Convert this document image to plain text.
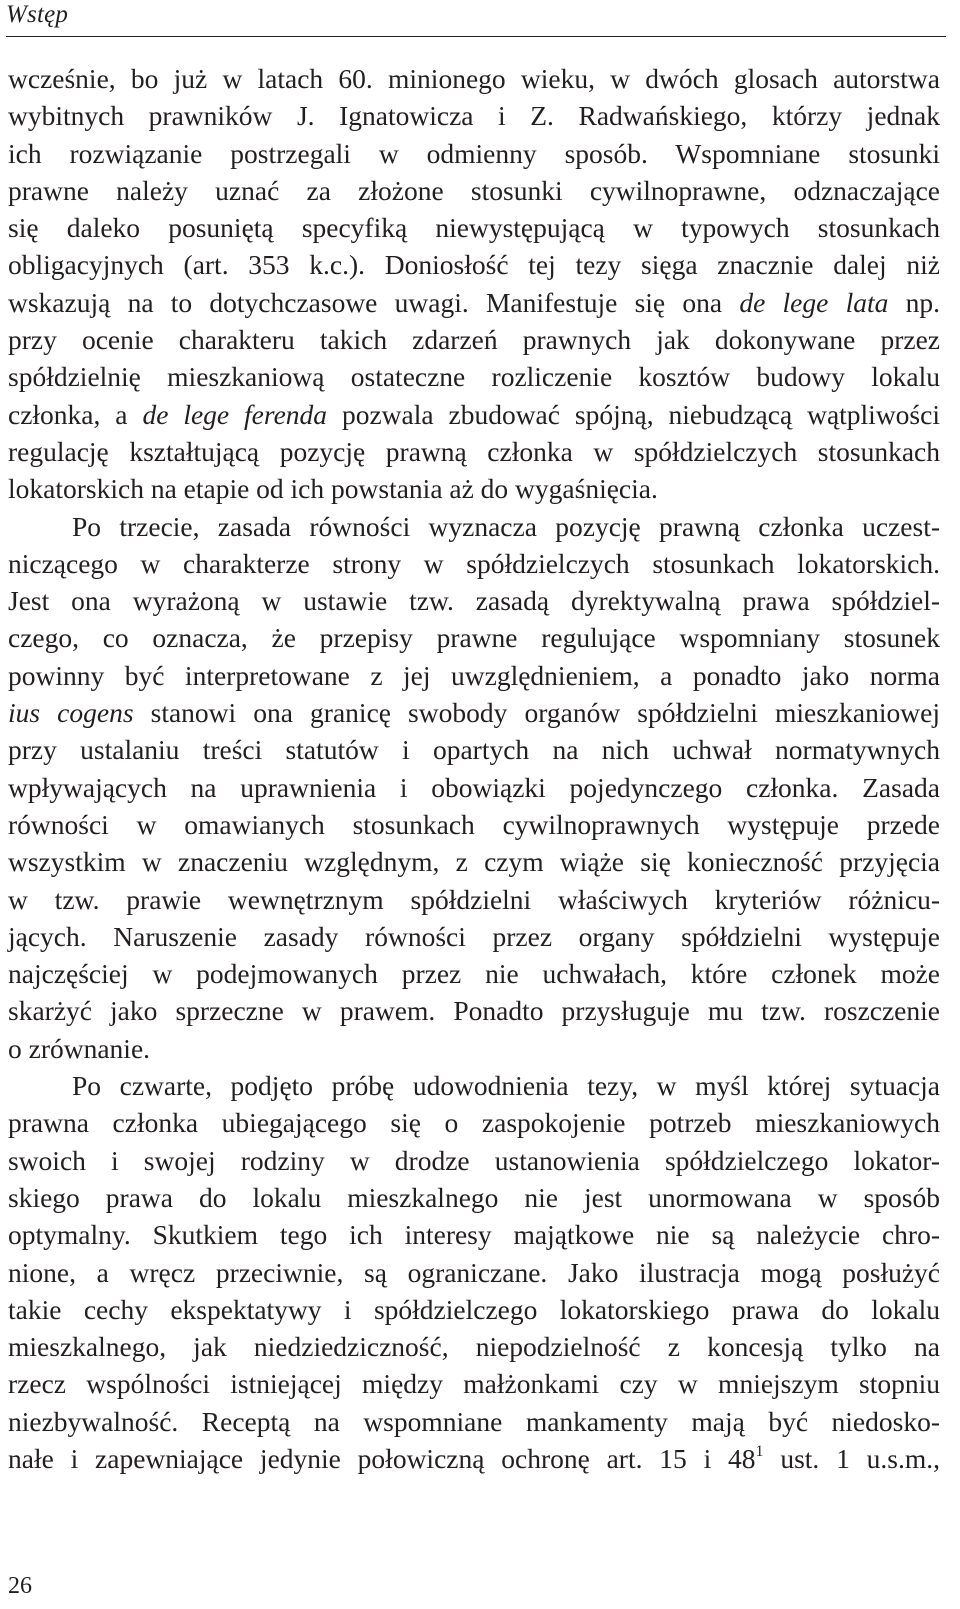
Wstęp
wcześnie, bo już w latach 60. minionego wieku, w dwóch glosach autorstwa
wybitnych prawników J. Ignatowicza i Z. Radwańskiego, którzy jednak
ich rozwiązanie postrzegali w odmienny sposób. Wspomniane stosunki
prawne należy uznać za złożone stosunki cywilnoprawne, odznaczające
się daleko posuniętą specyfiką niewystępującą w typowych stosunkach
obligacyjnych (art. 353 k.c.). Doniosłość tej tezy sięga znacznie dalej niż
wskazują na to dotychczasowe uwagi. Manifestuje się ona de lege lata np.
przy ocenie charakteru takich zdarzeń prawnych jak dokonywane przez
spółdzielnię mieszkaniową ostateczne rozliczenie kosztów budowy lokalu
członka, a de lege ferenda pozwala zbudować spójną, niebudzącą wątpliwości
regulację kształtującą pozycję prawną członka w spółdzielczych stosunkach
lokatorskich na etapie od ich powstania aż do wygaśnięcia.
Po trzecie, zasada równości wyznacza pozycję prawną członka uczest-
niczącego w charakterze strony w spółdzielczych stosunkach lokatorskich.
Jest ona wyrażoną w ustawie tzw. zasadą dyrektywalną prawa spółdziel-
czego, co oznacza, że przepisy prawne regulujące wspomniany stosunek
powinny być interpretowane z jej uwzględnieniem, a ponadto jako norma
ius cogens stanowi ona granicę swobody organów spółdzielni mieszkaniowej
przy ustalaniu treści statutów i opartych na nich uchwał normatywnych
wpływających na uprawnienia i obowiązki pojedynczego członka. Zasada
równości w omawianych stosunkach cywilnoprawnych występuje przede
wszystkim w znaczeniu względnym, z czym wiąże się konieczność przyjęcia
w tzw. prawie wewnętrznym spółdzielni właściwych kryteriów różnicu-
jących. Naruszenie zasady równości przez organy spółdzielni występuje
najczęściej w podejmowanych przez nie uchwałach, które członek może
skarżyć jako sprzeczne w prawem. Ponadto przysługuje mu tzw. roszczenie
o zrównanie.
Po czwarte, podjęto próbę udowodnienia tezy, w myśl której sytuacja
prawna członka ubiegającego się o zaspokojenie potrzeb mieszkaniowych
swoich i swojej rodziny w drodze ustanowienia spółdzielczego lokator-
skiego prawa do lokalu mieszkalnego nie jest unormowana w sposób
optymalny. Skutkiem tego ich interesy majątkowe nie są należycie chro-
nione, a wręcz przeciwnie, są ograniczane. Jako ilustracja mogą posłużyć
takie cechy ekspektatywy i spółdzielczego lokatorskiego prawa do lokalu
mieszkalnego, jak niedziedziczność, niepodzielność z koncesją tylko na
rzecz wspólności istniejącej między małżonkami czy w mniejszym stopniu
niezbywalność. Receptą na wspomniane mankamenty mają być niedosko-
nałe i zapewniające jedynie połowiczną ochronę art. 15 i $48^1$ ust. 1 u.s.m.,
26
